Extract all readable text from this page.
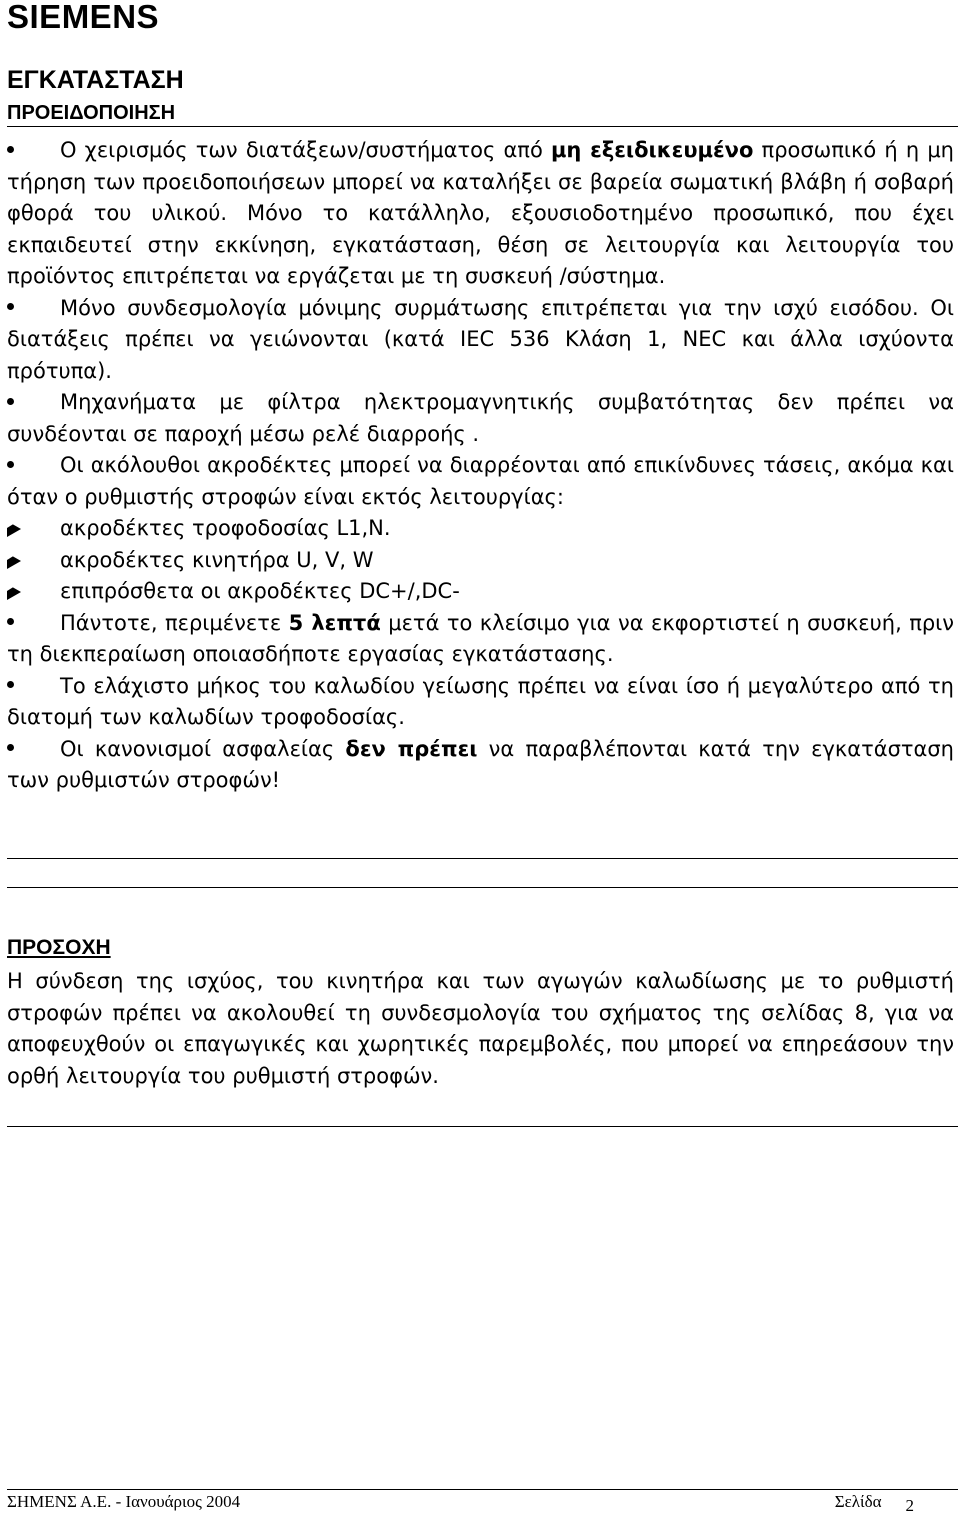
SIEMENS
ΕΓΚΑΤΑΣΤΑΣΗ
ΠΡΟΕΙΔΟΠΟΙΗΣΗ

Ο χειρισμός των διατάξεων/συστήματος από μη εξειδικευμένο προσωπικό ή η μη τήρηση των προειδοποιήσεων μπορεί να καταλήξει σε βαρεία σωματική βλάβη ή σοβαρή φθορά του υλικού. Μόνο το κατάλληλο, εξουσιοδοτημένο προσωπικό, που έχει εκπαιδευτεί στην εκκίνηση, εγκατάσταση, θέση σε λειτουργία και λειτουργία του προϊόντος επιτρέπεται να εργάζεται με τη συσκευή /σύστημα.

Μόνο συνδεσμολογία μόνιμης συρμάτωσης επιτρέπεται για την ισχύ εισόδου. Οι διατάξεις πρέπει να γειώνονται (κατά IEC 536 Κλάση 1, NEC και άλλα ισχύοντα πρότυπα).

Μηχανήματα με φίλτρα ηλεκτρομαγνητικής συμβατότητας δεν πρέπει να συνδέονται σε παροχή μέσω ρελέ διαρροής .

Οι ακόλουθοι ακροδέκτες μπορεί να διαρρέονται από επικίνδυνες τάσεις, ακόμα και όταν ο ρυθμιστής στροφών είναι εκτός λειτουργίας:

ακροδέκτες τροφοδοσίας L1,N.

ακροδέκτες κινητήρα U, V, W

επιπρόσθετα οι ακροδέκτες DC+/,DC-

Πάντοτε, περιμένετε 5 λεπτά μετά το κλείσιμο για να εκφορτιστεί η συσκευή, πριν τη διεκπεραίωση οποιασδήποτε εργασίας εγκατάστασης.

Το ελάχιστο μήκος του καλωδίου γείωσης πρέπει να είναι ίσο ή μεγαλύτερο από τη διατομή των καλωδίων τροφοδοσίας.

Οι κανονισμοί ασφαλείας δεν πρέπει να παραβλέπονται κατά την εγκατάσταση των ρυθμιστών στροφών!

ΠΡΟΣΟΧΗ
Η σύνδεση της ισχύος, του κινητήρα και των αγωγών καλωδίωσης με το ρυθμιστή στροφών πρέπει να ακολουθεί τη συνδεσμολογία του σχήματος της σελίδας 8, για να αποφευχθούν οι επαγωγικές και χωρητικές παρεμβολές, που μπορεί να επηρεάσουν την ορθή λειτουργία του ρυθμιστή στροφών.
ΣΗΜΕΝΣ Α.Ε. - Ιανουάριος 2004	Σελίδα 2
